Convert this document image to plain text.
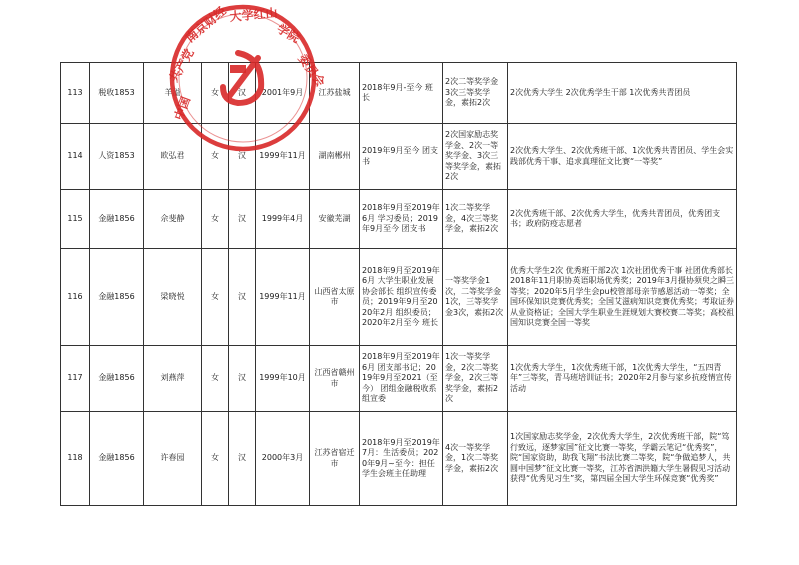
113	税收1853	羊溢	女	汉	2001年9月	江苏盐城	2018年9月-至今 班长	2次二等奖学金 3次三等奖学金，素拓2次	2次优秀大学生 2次优秀学生干部 1次优秀共青团员
114	人资1853	欧弘君	女	汉	1999年11月	湖南郴州	2019年9月至今 团支书	2次国家励志奖学金、2次一等奖学金、3次三等奖学金，素拓2次	2次优秀大学生、2次优秀班干部、1次优秀共青团员、学生会实践部优秀干事、追求真理征文比赛“一等奖”
115	金融1856	佘斐静	女	汉	1999年4月	安徽芜湖	2018年9月至2019年6月 学习委员；2019年9月至今 团支书	1次二等奖学金，4次三等奖学金，素拓2次	2次优秀班干部、2次优秀大学生，优秀共青团员，优秀团支书；政府防疫志愿者
116	金融1856	梁晓悦	女	汉	1999年11月	山西省太原市	2018年9月至2019年6月 大学生职业发展协会部长 组织宣传委员；2019年9月至2020年2月 组织委员；2020年2月至今 班长	一等奖学金1次，二等奖学金1次，三等奖学金3次，素拓2次	优秀大学生2次 优秀班干部2次 1次社团优秀干事 社团优秀部长 2018年11月职协英语职场优秀奖；2019年3月摄协须臾之瞬三等奖；2020年5月学生会pu校管部母亲节感恩活动一等奖；全国环保知识竞赛优秀奖；全国艾滋病知识竞赛优秀奖；考取证券从业资格证；全国大学生职业生涯规划大赛校赛二等奖；高校祖国知识竞赛全国一等奖
117	金融1856	刘燕萍	女	汉	1999年10月	江西省赣州市	2018年9月至2019年6月 团支部书记；2019年9月至2021（至今） 团组金融税收系组宣委	1次一等奖学金，2次二等奖学金，2次三等奖学金，素拓2次	1次优秀大学生，1次优秀班干部，1次优秀大学生，“五四青年”三等奖，青马班培训证书；2020年2月参与家乡抗疫情宣传活动
118	金融1856	许春园	女	汉	2000年3月	江苏省宿迁市	2018年9月至2019年7月：生活委员；2020年9月~至今：担任学生会班主任助理	4次一等奖学金，1次二等奖学金，素拓2次	1次国家励志奖学金，2次优秀大学生，2次优秀班干部，院“笃行致远，逐梦家国”征文比赛一等奖，学霸云笔记“优秀奖”，院“国家资助，助我飞翔”书法比赛二等奖，院“争做追梦人，共圆中国梦”征文比赛一等奖，江苏省泗洪籍大学生暑假见习活动获得“优秀见习生”奖，第四届全国大学生环保竞赛“优秀奖”
中国
共产党
南京财经 大学红山
学院
委员会
